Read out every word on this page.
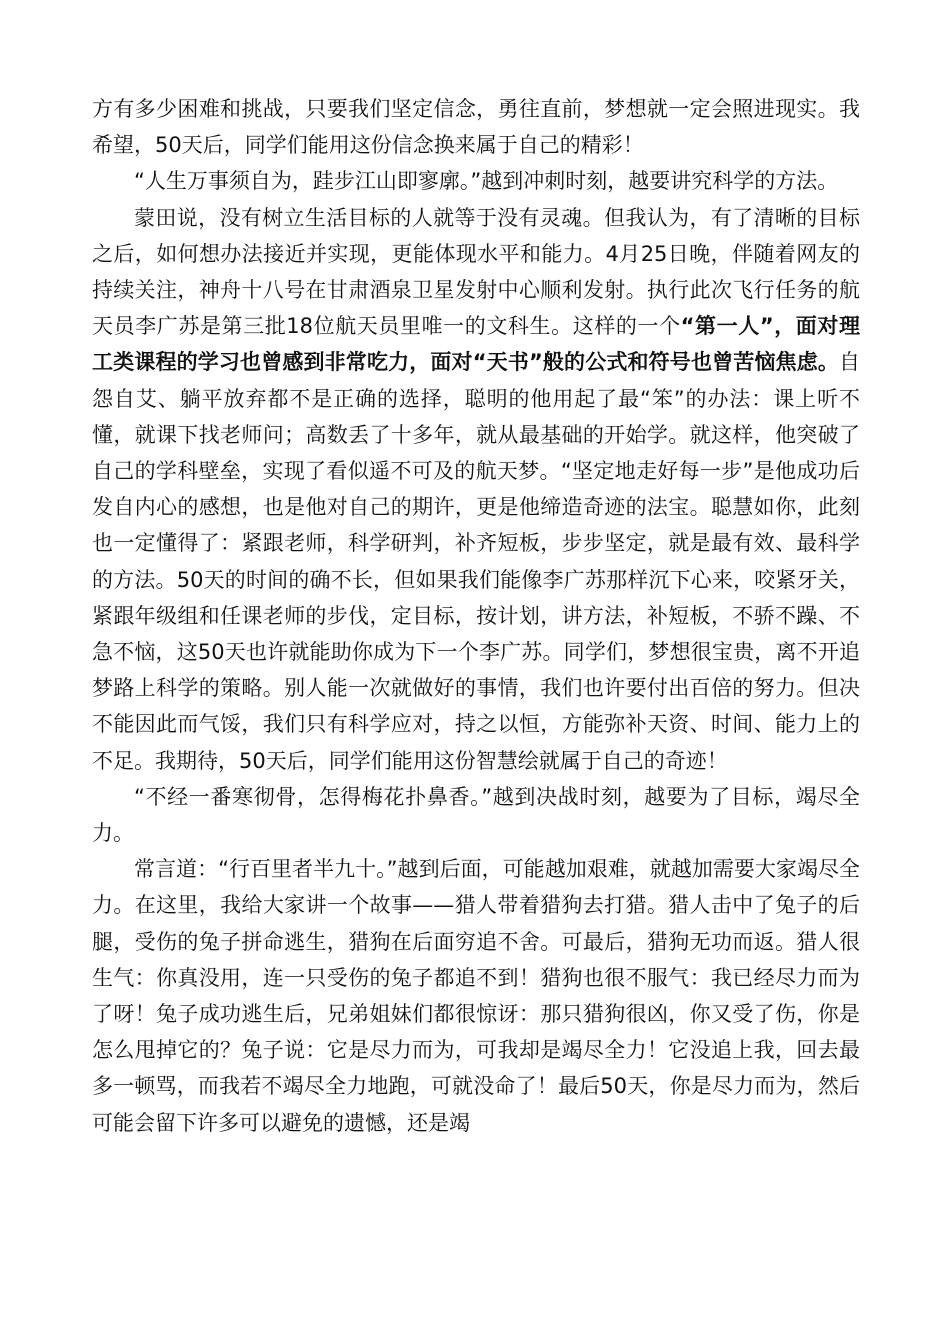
方有多少困难和挑战，只要我们坚定信念，勇往直前，梦想就一定会照进现实。我希望，50天后，同学们能用这份信念换来属于自己的精彩！

“人生万事须自为，跬步江山即寥廓。”越到冲刺时刻，越要讲究科学的方法。

蒙田说，没有树立生活目标的人就等于没有灵魂。但我认为，有了清晰的目标之后，如何想办法接近并实现，更能体现水平和能力。4月25日晚，伴随着网友的持续关注，神舟十八号在甘肃酒泉卫星发射中心顺利发射。执行此次飞行任务的航天员李广苏是第三批18位航天员里唯一的文科生。这样的一个“第一人”，面对理工类课程的学习也曾感到非常吃力，面对“天书”般的公式和符号也曾苦恼焦虑。自怨自艾、躺平放弃都不是正确的选择，聪明的他用起了最“笨”的办法：课上听不懂，就课下找老师问；高数丢了十多年，就从最基础的开始学。就这样，他突破了自己的学科壁垒，实现了看似遥不可及的航天梦。“坚定地走好每一步”是他成功后发自内心的感想，也是他对自己的期许，更是他缔造奇迹的法宝。聪慧如你，此刻也一定懂得了：紧跟老师，科学研判，补齐短板，步步坚定，就是最有效、最科学的方法。50天的时间的确不长，但如果我们能像李广苏那样沉下心来，咬紧牙关，紧跟年级组和任课老师的步伐，定目标，按计划，讲方法，补短板，不骄不躁、不急不恼，这50天也许就能助你成为下一个李广苏。同学们，梦想很宝贵，离不开追梦路上科学的策略。别人能一次就做好的事情，我们也许要付出百倍的努力。但决不能因此而气馁，我们只有科学应对，持之以恒，方能弥补天资、时间、能力上的不足。我期待，50天后，同学们能用这份智慧绘就属于自己的奇迹！

“不经一番寒彻骨，怎得梅花扑鼻香。”越到决战时刻，越要为了目标，竭尽全力。

常言道：“行百里者半九十。”越到后面，可能越加艰难，就越加需要大家竭尽全力。在这里，我给大家讲一个故事——猎人带着猎狗去打猎。猎人击中了兔子的后腿，受伤的兔子拼命逃生，猎狗在后面穷追不舍。可最后，猎狗无功而返。猎人很生气：你真没用，连一只受伤的兔子都追不到！猎狗也很不服气：我已经尽力而为了呀！兔子成功逃生后，兄弟姐妹们都很惊讶：那只猎狗很凶，你又受了伤，你是怎么甩掉它的？兔子说：它是尽力而为，可我却是竭尽全力！它没追上我，回去最多一顿骂，而我若不竭尽全力地跑，可就没命了！最后50天，你是尽力而为，然后可能会留下许多可以避免的遗憾，还是竭
